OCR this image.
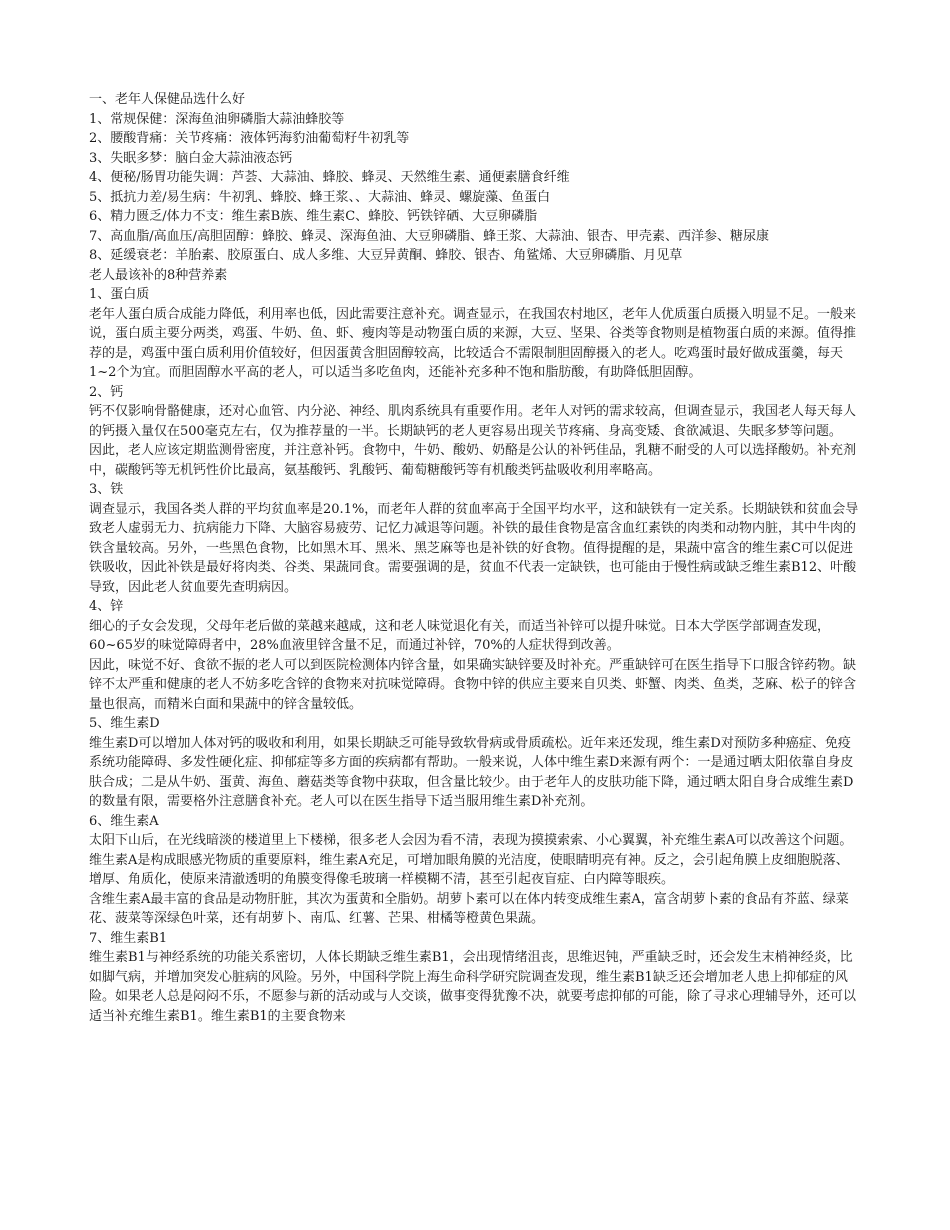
一、老年人保健品选什么好

1、常规保健：深海鱼油卵磷脂大蒜油蜂胶等

2、腰酸背痛：关节疼痛：液体钙海豹油葡萄籽牛初乳等

3、失眠多梦：脑白金大蒜油液态钙

4、便秘/肠胃功能失调：芦荟、大蒜油、蜂胶、蜂灵、天然维生素、通便素膳食纤维

5、抵抗力差/易生病：牛初乳、蜂胶、蜂王浆、、大蒜油、蜂灵、螺旋藻、鱼蛋白

6、精力匮乏/体力不支：维生素B族、维生素C、蜂胶、钙铁锌硒、大豆卵磷脂

7、高血脂/高血压/高胆固醇：蜂胶、蜂灵、深海鱼油、大豆卵磷脂、蜂王浆、大蒜油、银杏、甲壳素、西洋参、糖尿康

8、延缓衰老：羊胎素、胶原蛋白、成人多维、大豆异黄酮、蜂胶、银杏、角鲨烯、大豆卵磷脂、月见草

老人最该补的8种营养素

1、蛋白质

老年人蛋白质合成能力降低，利用率也低，因此需要注意补充。调查显示，在我国农村地区，老年人优质蛋白质摄入明显不足。一般来说，蛋白质主要分两类，鸡蛋、牛奶、鱼、虾、瘦肉等是动物蛋白质的来源，大豆、坚果、谷类等食物则是植物蛋白质的来源。值得推荐的是，鸡蛋中蛋白质利用价值较好，但因蛋黄含胆固醇较高，比较适合不需限制胆固醇摄入的老人。吃鸡蛋时最好做成蛋羹，每天1~2个为宜。而胆固醇水平高的老人，可以适当多吃鱼肉，还能补充多种不饱和脂肪酸，有助降低胆固醇。

2、钙

钙不仅影响骨骼健康，还对心血管、内分泌、神经、肌肉系统具有重要作用。老年人对钙的需求较高，但调查显示，我国老人每天每人的钙摄入量仅在500毫克左右，仅为推荐量的一半。长期缺钙的老人更容易出现关节疼痛、身高变矮、食欲减退、失眠多梦等问题。

因此，老人应该定期监测骨密度，并注意补钙。食物中，牛奶、酸奶、奶酪是公认的补钙佳品，乳糖不耐受的人可以选择酸奶。补充剂中，碳酸钙等无机钙性价比最高，氨基酸钙、乳酸钙、葡萄糖酸钙等有机酸类钙盐吸收利用率略高。

3、铁

调查显示，我国各类人群的平均贫血率是20.1%，而老年人群的贫血率高于全国平均水平，这和缺铁有一定关系。长期缺铁和贫血会导致老人虚弱无力、抗病能力下降、大脑容易疲劳、记忆力减退等问题。补铁的最佳食物是富含血红素铁的肉类和动物内脏，其中牛肉的铁含量较高。另外，一些黑色食物，比如黑木耳、黑米、黑芝麻等也是补铁的好食物。值得提醒的是，果蔬中富含的维生素C可以促进铁吸收，因此补铁是最好将肉类、谷类、果蔬同食。需要强调的是，贫血不代表一定缺铁，也可能由于慢性病或缺乏维生素B12、叶酸导致，因此老人贫血要先查明病因。

4、锌

细心的子女会发现，父母年老后做的菜越来越咸，这和老人味觉退化有关，而适当补锌可以提升味觉。日本大学医学部调查发现，60~65岁的味觉障碍者中，28%血液里锌含量不足，而通过补锌，70%的人症状得到改善。

因此，味觉不好、食欲不振的老人可以到医院检测体内锌含量，如果确实缺锌要及时补充。严重缺锌可在医生指导下口服含锌药物。缺锌不太严重和健康的老人不妨多吃含锌的食物来对抗味觉障碍。食物中锌的供应主要来自贝类、虾蟹、肉类、鱼类，芝麻、松子的锌含量也很高，而精米白面和果蔬中的锌含量较低。

5、维生素D

维生素D可以增加人体对钙的吸收和利用，如果长期缺乏可能导致软骨病或骨质疏松。近年来还发现，维生素D对预防多种癌症、免疫系统功能障碍、多发性硬化症、抑郁症等多方面的疾病都有帮助。一般来说，人体中维生素D来源有两个：一是通过晒太阳依靠自身皮肤合成；二是从牛奶、蛋黄、海鱼、蘑菇类等食物中获取，但含量比较少。由于老年人的皮肤功能下降，通过晒太阳自身合成维生素D的数量有限，需要格外注意膳食补充。老人可以在医生指导下适当服用维生素D补充剂。

6、维生素A

太阳下山后，在光线暗淡的楼道里上下楼梯，很多老人会因为看不清，表现为摸摸索索、小心翼翼，补充维生素A可以改善这个问题。维生素A是构成眼感光物质的重要原料，维生素A充足，可增加眼角膜的光洁度，使眼睛明亮有神。反之，会引起角膜上皮细胞脱落、增厚、角质化，使原来清澈透明的角膜变得像毛玻璃一样模糊不清，甚至引起夜盲症、白内障等眼疾。

含维生素A最丰富的食品是动物肝脏，其次为蛋黄和全脂奶。胡萝卜素可以在体内转变成维生素A，富含胡萝卜素的食品有芥蓝、绿菜花、菠菜等深绿色叶菜，还有胡萝卜、南瓜、红薯、芒果、柑橘等橙黄色果蔬。

7、维生素B1

维生素B1与神经系统的功能关系密切，人体长期缺乏维生素B1，会出现情绪沮丧，思维迟钝，严重缺乏时，还会发生末梢神经炎，比如脚气病，并增加突发心脏病的风险。另外，中国科学院上海生命科学研究院调查发现，维生素B1缺乏还会增加老人患上抑郁症的风险。如果老人总是闷闷不乐，不愿参与新的活动或与人交谈，做事变得犹豫不决，就要考虑抑郁的可能，除了寻求心理辅导外，还可以适当补充维生素B1。维生素B1的主要食物来
